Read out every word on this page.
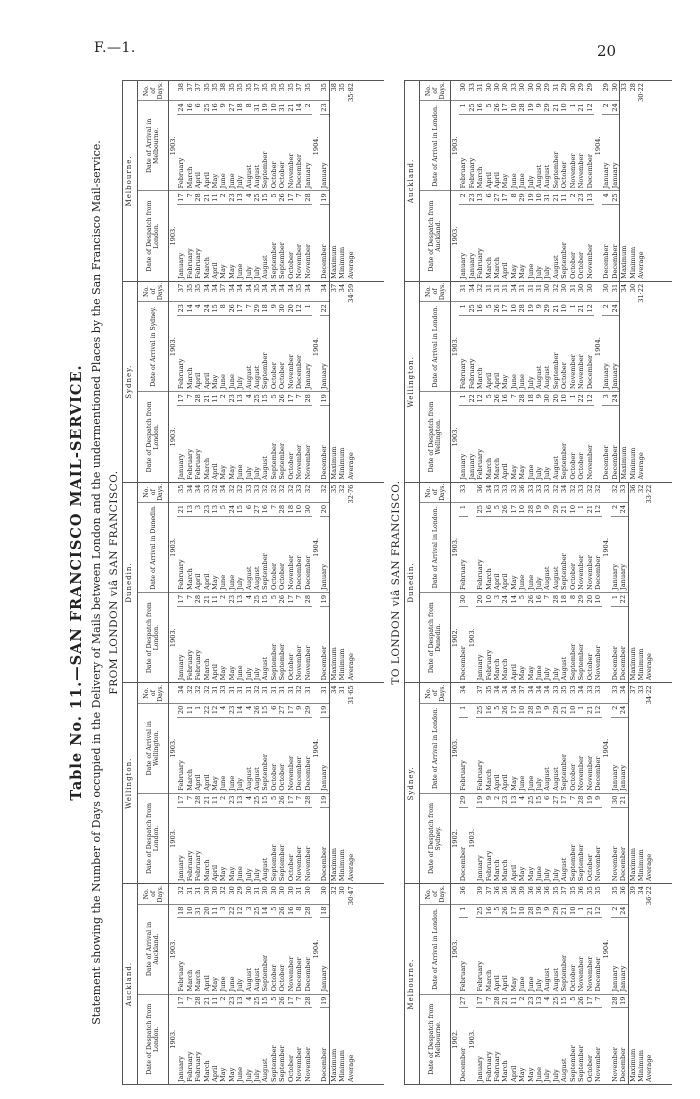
F.—1.	20
Table No. 11.—SAN FRANCISCO MAIL-SERVICE. Statement showing the Number of Days occupied in the Delivery of Mails between London and the undermentioned Places by the San Francisco Mail-service. FROM LONDON viâ SAN FRANCISCO.
Auckland.
Date of Despatch from London.		Date of Arrival in Auckland.		No. of Days.
1903.		1903.		
January	17	February	18	32
February	7	March	10	31
February	28	March	31	31
March	21	April	20	30
April	11	May	11	30
May	2	June	3	32
May	23	June	22	30
June	13	July	12	29
July	4	August	3	30
July	25	August	25	31
August	15	September	14	30
September	5	October	5	30
September	26	October	26	30
October	17	November	16	30
November	7	December	8	31
November	28	December	28	30
		1904.		
December	19	January	18	30
Maximum	32
Minimum	30
Average	30·47
Wellington.
Date of Despatch from London.		Date of Arrival in Wellington.		No. of Days.
1903.		1903.		
January	17	February	20	34
February	7	March	11	32
February	28	April	1	32
March	21	April	22	32
April	11	May	12	31
May	2	June	4	33
May	23	June	23	31
June	13	July	14	31
July	4	August	4	31
July	25	August	26	32
August	15	September	15	31
September	5	October	6	31
September	26	October	27	31
October	17	November	17	31
November	7	December	9	32
November	28	December	29	31
		1904.		
December	19	January	19	31
Maximum	34
Minimum	31
Average	31·65
Dunedin.
Date of Despatch from London.		Date of Arrival in Dunedin.		No. of Days.
1903.		1903.		
January	17	February	21	35
February	7	March	13	34
February	28	April	3	34
March	21	April	23	33
April	11	May	13	32
May	2	June	5	34
May	23	June	24	32
June	13	July	15	32
July	4	August	6	33
July	25	August	27	33
August	15	September	16	32
September	5	October	7	32
September	26	October	28	32
October	17	November	18	32
November	7	December	10	33
November	28	December	30	32
		1904.		
December	19	January	20	32
Maximum	35
Minimum	32
Average	32·76
Sydney.
Date of Despatch from London.		Date of Arrival in Sydney.		No. of Days.
1903.		1903.		
January	17	February	23	37
February	7	March	14	35
February	28	April	4	35
March	21	April	24	34
April	11	May	15	34
May	2	June	8	37
May	23	June	26	34
June	13	July	17	34
July	4	August	7	34
July	25	August	29	35
August	15	September	18	34
September	5	October	9	34
September	26	October	30	34
October	17	November	20	34
November	7	December	12	35
November	28	January	1	34
		1904.		
December	19	January	22	34
Maximum	37
Minimum	34
Average	34·59
Melbourne.
Date of Despatch from London.		Date of Arrival in Melbourne.		No. of Days.
1903.		1903.		
January	17	February	24	38
February	7	March	16	37
February	28	April	6	37
March	21	April	25	35
April	11	May	16	35
May	2	June	9	38
May	23	June	27	35
June	13	July	18	35
July	4	August	8	35
July	25	August	31	37
August	15	September	19	35
September	5	October	10	35
September	26	October	31	35
October	17	November	21	35
November	7	December	14	37
November	28	January	2	35
		1904.		
December	19	January	23	35
Maximum	38
Minimum	35
Average	35·82
TO LONDON viâ SAN FRANCISCO.
Melbourne.
Date of Despatch from Melbourne.		Date of Arrival in London.		No. of Days.
1902.		1903.		
December	27	February	1	36
1903.				
January	17	February	25	39
February	7	March	16	37
February	28	April	5	36
March	21	April	26	36
April	11	May	17	36
May	2	June	10	39
May	23	June	28	36
June	13	July	19	36
July	4	August	9	36
July	25	August	29	35
August	15	September	21	37
September	5	October	10	35
September	26	November	1	36
October	17	November	21	35
November	7	December	12	35
		1904.		
November	28	January	2	35
December	19	January	24	36
Maximum	39
Minimum	34
Average	36·22
Sydney.
Date of Despatch from Sydney.		Date of Arrival in London.		No. of Days.
1902.		1903.		
December	29	February	1	34
1903.				
January	19	February	25	37
February	9	March	16	35
March	2	April	5	34
March	23	April	26	34
April	13	May	17	34
May	4	June	10	37
May	25	June	28	34
June	15	July	19	34
July	6	August	9	34
July	27	August	29	33
August	17	September	21	35
September	7	October	10	33
September	28	November	1	34
October	19	November	21	33
November	9	December	12	33
		1904.		
November	30	January	2	33
December	21	January	24	34
Maximum	37
Minimum	33
Average	34·22
Dunedin.
Date of Despatch from Dunedin.		Date of Arrival in London.		No. of Days.
1902.		1903.		
December	30	February	1	33
1903.				
January	20	February	25	36
February	10	March	16	34
March	3	April	5	33
March	24	April	26	33
April	14	May	17	33
May	5	June	10	36
May	26	June	28	33
June	16	July	19	33
July	7	August	9	33
July	28	August	29	32
August	18	September	21	34
September	8	October	10	32
September	29	November	1	33
October	20	November	21	32
November	10	December	12	32
		1904.		
December	1	January	2	32
December	22	January	24	33
Maximum	36
Minimum	32
Average	33·22
Wellington.
Date of Despatch from Wellington.		Date of Arrival in London.		No. of Days.
1903.		1903.		
January	1	February	1	31

January	22	February	25	34
February	12	March	16	32
March	5	April	5	31
March	26	April	26	31
April	16	May	17	31
May	7	June	10	34
May	28	June	28	31
June	18	July	19	31
July	9	August	9	31
July	30	August	29	30
August	20	September	21	32
September	10	October	10	30
October	1	November	1	31
October	22	November	21	30
November	12	December	12	30
		1904.		
December	3	January	2	30
December	24	January	24	31
Maximum	34
Minimum	30
Average	31·22
Auckland.
Date of Despatch from Auckland.		Date of Arrival in London.		No. of Days.
1903.		1903.		
January	2	February	1	30

January	23	February	25	33
February	13	March	16	31
March	6	April	5	30
March	27	April	26	30
April	17	May	17	30
May	8	June	10	33
May	29	June	28	30
June	19	July	19	30
July	10	August	9	30
July	31	August	29	29
August	21	September	21	31
September	11	October	10	29
October	2	November	1	30
October	23	November	21	29
November	13	December	12	29
		1904.		
December	4	January	2	29
December	25	January	24	30
Maximum	33
Minimum	28
Average	30·22
